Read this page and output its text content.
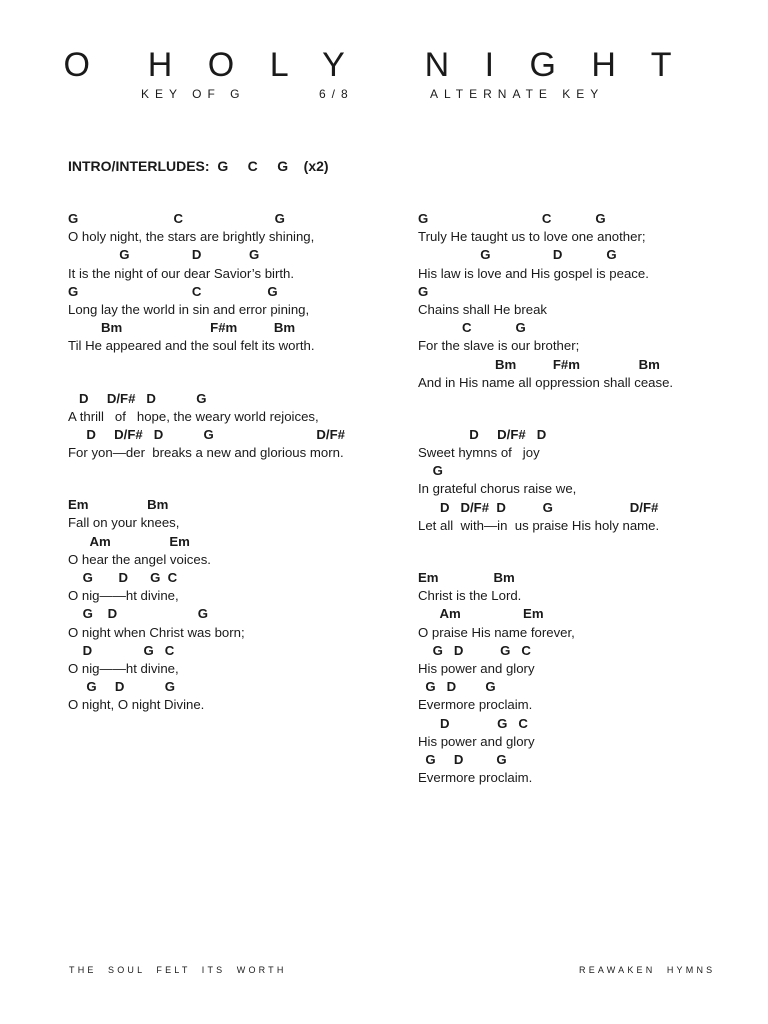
O  H O L Y   N I G H T
KEY OF G	6/8	ALTERNATE KEY
INTRO/INTERLUDES:  G     C     G    (x2)
G                          C                         G
O holy night, the stars are brightly shining,
G                 D             G
It is the night of our dear Savior’s birth.
G                               C                  G
Long lay the world in sin and error pining,
Bm                        F#m          Bm
Til He appeared and the soul felt its worth.
D     D/F#   D           G
A thrill   of   hope, the weary world rejoices,
D     D/F#   D           G                            D/F#
For yon—der  breaks a new and glorious morn.
Em                Bm
Fall on your knees,
Am                Em
O hear the angel voices.
G       D      G  C
O nig——ht divine,
G    D                      G
O night when Christ was born;
D              G   C
O nig——ht divine,
G     D           G
O night, O night Divine.
G                               C            G
Truly He taught us to love one another;
G                 D            G
His law is love and His gospel is peace.
G
Chains shall He break
C            G
For the slave is our brother;
Bm          F#m                Bm
And in His name all oppression shall cease.
D     D/F#   D
Sweet hymns of   joy
G
In grateful chorus raise we,
D   D/F#  D          G                     D/F#
Let all  with—in  us praise His holy name.
Em               Bm
Christ is the Lord.
Am                 Em
O praise His name forever,
G   D          G   C
His power and glory
G   D        G
Evermore proclaim.
D             G   C
His power and glory
G     D         G
Evermore proclaim.
THE  SOUL  FELT  ITS  WORTH	REAWAKEN  HYMNS
